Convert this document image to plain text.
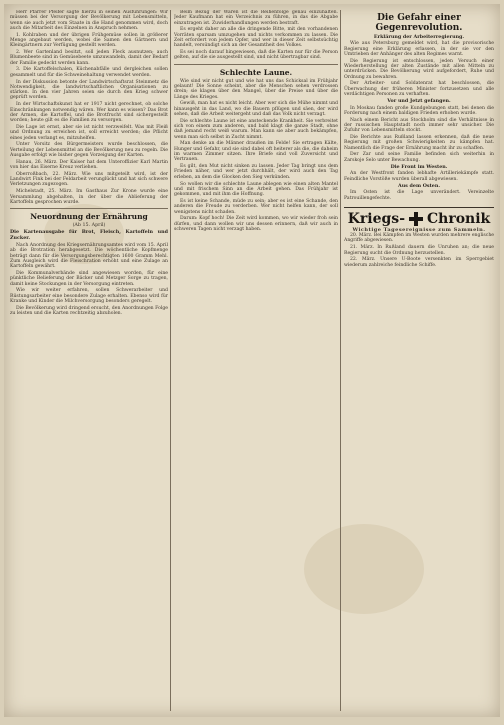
Herr Pfarrer Pfeifer sagte hierzu in seinen Ausführungen: Wir müssen bei der Versorgung der Bevölkerung mit Lebensmitteln, wenn sie auch jetzt vom Staate in die Hand genommen wird, doch auch die Mitarbeit des Einzelnen in Anspruch nehmen.

1. Kohlraben und der übrigen Frühgemüse sollen in größerer Menge angebaut werden, wobei die Samen den Gärtnern und Kleingärtnern zur Verfügung gestellt werden.

2. Wer Gartenland besitzt, soll jeden Fleck ausnutzen; auch Blumenbeete sind in Gemüsebeete umzuwandeln, damit der Bedarf der Familie gedeckt werden kann.

3. Die Kartoffelschalen, Küchenabfälle und dergleichen sollen gesammelt und für die Schweinehaltung verwendet werden.

In der Diskussion betonte der Landwirtschaftsrat Steinmetz die Notwendigkeit, die landwirtschaftlichen Organisationen zu stärken. In den vier Jahren seien sie durch den Krieg schwer geprüft worden.

In der Wirtschaftskunst hat er 1917 nicht gerechnet, ob solche Einschränkungen notwendig wären. Wer kann es wissen? Das Brot der Armen, die Kartoffel, und die Brotfrucht sind sichergestellt worden; heute gilt es die Familien zu versorgen.

Die Lage ist ernst, aber sie ist nicht verzweifelt. Was mit Fleiß und Ordnung zu erreichen ist, soll erreicht werden; die Pflicht eines jeden verlangt es, mitzuhelfen.

Unter Vorsitz des Bürgermeisters wurde beschlossen, die Verteilung der Lebensmittel an die Bevölkerung neu zu regeln. Die Ausgabe erfolgt wie bisher gegen Vorzeigung der Karten.

Hanau, 26. März. Der Kaiser hat dem Unteroffizier Karl Martin von hier das Eiserne Kreuz verliehen.

Oberroßbach, 22. März. Wie uns mitgeteilt wird, ist der Landwirt Fink bei der Feldarbeit verunglückt und hat sich schwere Verletzungen zugezogen.

Michelstadt, 25. März. Im Gasthaus Zur Krone wurde eine Versammlung abgehalten, in der über die Ablieferung der Kartoffeln gesprochen wurde.

Neuordnung der Ernährung
(Ab 15. April)
Die Kartenausgabe für Brot, Fleisch, Kartoffeln und Zucker.

Nach Anordnung des Kriegsernährungsamtes wird vom 15. April ab die Brotration herabgesetzt. Die wöchentliche Kopfmenge beträgt dann für die Versorgungsberechtigten 1600 Gramm Mehl. Zum Ausgleich wird die Fleischration erhöht und eine Zulage an Kartoffeln gewährt.

Die Kommunalverbände sind angewiesen worden, für eine pünktliche Belieferung der Bäcker und Metzger Sorge zu tragen, damit keine Stockungen in der Versorgung eintreten.

Wie wir weiter erfahren, sollen Schwerarbeiter und Rüstungsarbeiter eine besondere Zulage erhalten. Ebenso wird für Kranke und Kinder die Milchversorgung besonders geregelt.

Die Bevölkerung wird dringend ersucht, den Anordnungen Folge zu leisten und die Karten rechtzeitig abzuholen.

Beim Bezug der Waren ist die Reihenfolge genau einzuhalten. Jeder Kaufmann hat ein Verzeichnis zu führen, in das die Abgabe einzutragen ist. Zuwiderhandlungen werden bestraft.

Es ergeht daher an alle die dringende Bitte, mit den vorhandenen Vorräten sparsam umzugehen und nichts verkommen zu lassen. Die Zeit erfordert von jedem Opfer, und wer in dieser Zeit selbstsüchtig handelt, versündigt sich an der Gesamtheit des Volkes.

Es sei noch darauf hingewiesen, daß die Karten nur für die Person gelten, auf die sie ausgestellt sind, und nicht übertragbar sind.

Schlechte Laune.

Wie sind wir nicht gut und wie hat uns das Schicksal im Frühjahr gelaunt! Die Sonne scheint, aber die Menschen sehen verdrossen drein; sie klagen über den Mangel, über die Preise und über die Länge des Krieges.

Gewiß, man hat es nicht leicht. Aber wer sich die Mühe nimmt und hinausgeht in das Land, wo die Bauern pflügen und säen, der wird sehen, daß die Arbeit weitergeht und daß das Volk nicht verzagt.

Die schlechte Laune ist eine ansteckende Krankheit. Sie verbreitet sich von einem zum anderen, und bald klagt die ganze Stadt, ohne daß jemand recht weiß warum. Man kann sie aber auch bekämpfen, wenn man sich selbst in Zucht nimmt.

Man denke an die Männer draußen im Felde! Sie ertragen Kälte, Hunger und Gefahr, und sie sind dabei oft heiterer als die, die daheim im warmen Zimmer sitzen. Ihre Briefe sind voll Zuversicht und Vertrauen.

Es gilt, den Mut nicht sinken zu lassen. Jeder Tag bringt uns dem Frieden näher, und wer jetzt durchhält, der wird auch den Tag erleben, an dem die Glocken den Sieg verkünden.

So wollen wir die schlechte Laune ablegen wie einen alten Mantel und mit frischem Sinn an die Arbeit gehen. Das Frühjahr ist gekommen, und mit ihm die Hoffnung.

Es ist keine Schande, müde zu sein; aber es ist eine Schande, den anderen die Freude zu verderben. Wer nicht helfen kann, der soll wenigstens nicht schaden.

Darum: Kopf hoch! Die Zeit wird kommen, wo wir wieder froh sein dürfen, und dann wollen wir uns dessen erinnern, daß wir auch in schweren Tagen nicht verzagt haben.

Die Gefahr einer Gegenrevolution.
Erklärung der Arbeiterregierung.

Wie aus Petersburg gemeldet wird, hat die provisorische Regierung eine Erklärung erlassen, in der sie vor den Umtrieben der Anhänger des alten Regimes warnt.

Die Regierung ist entschlossen, jeden Versuch einer Wiederherstellung der alten Zustände mit allen Mitteln zu unterdrücken. Die Bevölkerung wird aufgefordert, Ruhe und Ordnung zu bewahren.

Der Arbeiter- und Soldatenrat hat beschlossen, die Überwachung der früheren Minister fortzusetzen und alle verdächtigen Personen zu verhaften.

Vor und Jetzt gefangen.

In Moskau fanden große Kundgebungen statt, bei denen die Forderung nach einem baldigen Frieden erhoben wurde.

Nach einem Bericht aus Stockholm sind die Verhältnisse in der russischen Hauptstadt noch immer sehr unsicher. Die Zufuhr von Lebensmitteln stockt.

Die Berichte aus Rußland lassen erkennen, daß die neue Regierung mit großen Schwierigkeiten zu kämpfen hat. Namentlich die Frage der Ernährung macht ihr zu schaffen.

Der Zar und seine Familie befinden sich weiterhin in Zarskoje Selo unter Bewachung.

Die Front im Westen.

An der Westfront fanden lebhafte Artilleriekämpfe statt. Feindliche Vorstöße wurden überall abgewiesen.

Aus dem Osten.

Im Osten ist die Lage unverändert. Vereinzelte Patrouillengefechte.

Kriegs- Chronik
Wichtige Tagesereignisse zum Sammeln.

20. März. Bei Kämpfen im Westen wurden mehrere englische Angriffe abgewiesen.

21. März. In Rußland dauern die Unruhen an; die neue Regierung sucht die Ordnung herzustellen.

22. März. Unsere U-Boote versenkten im Sperrgebiet wiederum zahlreiche feindliche Schiffe.
